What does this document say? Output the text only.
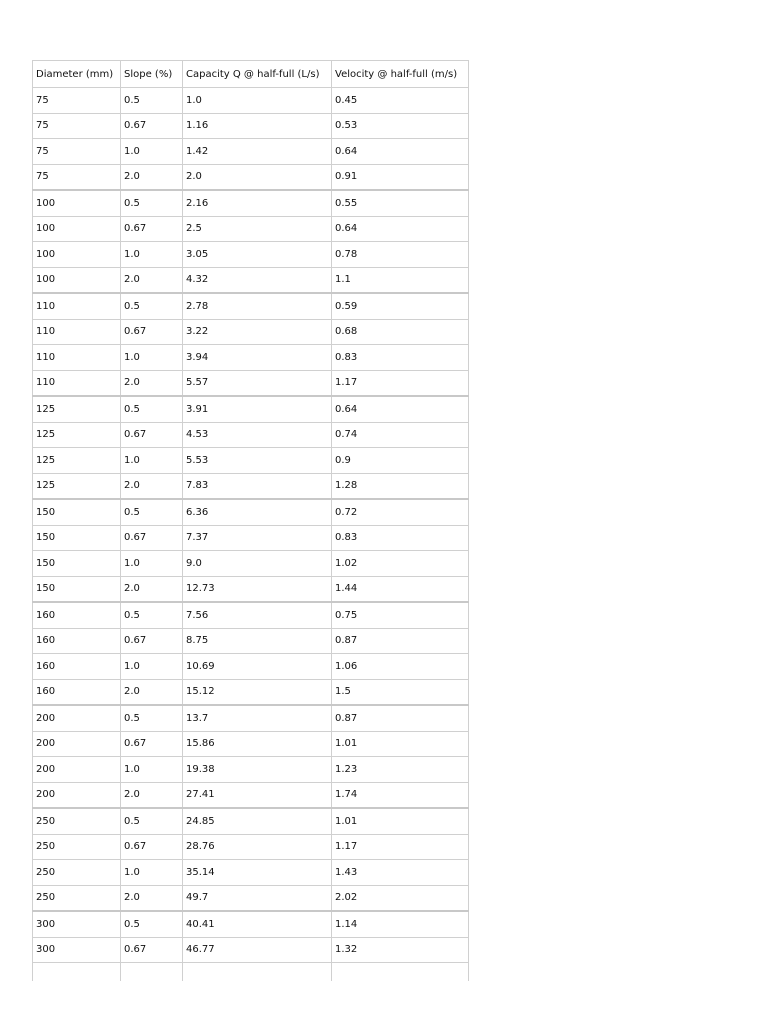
Diameter (mm)	Slope (%)	Capacity Q @ half-full (L/s)	Velocity @ half-full (m/s)
75	0.5	1.0	0.45
75	0.67	1.16	0.53
75	1.0	1.42	0.64
75	2.0	2.0	0.91
100	0.5	2.16	0.55
100	0.67	2.5	0.64
100	1.0	3.05	0.78
100	2.0	4.32	1.1
110	0.5	2.78	0.59
110	0.67	3.22	0.68
110	1.0	3.94	0.83
110	2.0	5.57	1.17
125	0.5	3.91	0.64
125	0.67	4.53	0.74
125	1.0	5.53	0.9
125	2.0	7.83	1.28
150	0.5	6.36	0.72
150	0.67	7.37	0.83
150	1.0	9.0	1.02
150	2.0	12.73	1.44
160	0.5	7.56	0.75
160	0.67	8.75	0.87
160	1.0	10.69	1.06
160	2.0	15.12	1.5
200	0.5	13.7	0.87
200	0.67	15.86	1.01
200	1.0	19.38	1.23
200	2.0	27.41	1.74
250	0.5	24.85	1.01
250	0.67	28.76	1.17
250	1.0	35.14	1.43
250	2.0	49.7	2.02
300	0.5	40.41	1.14
300	0.67	46.77	1.32
